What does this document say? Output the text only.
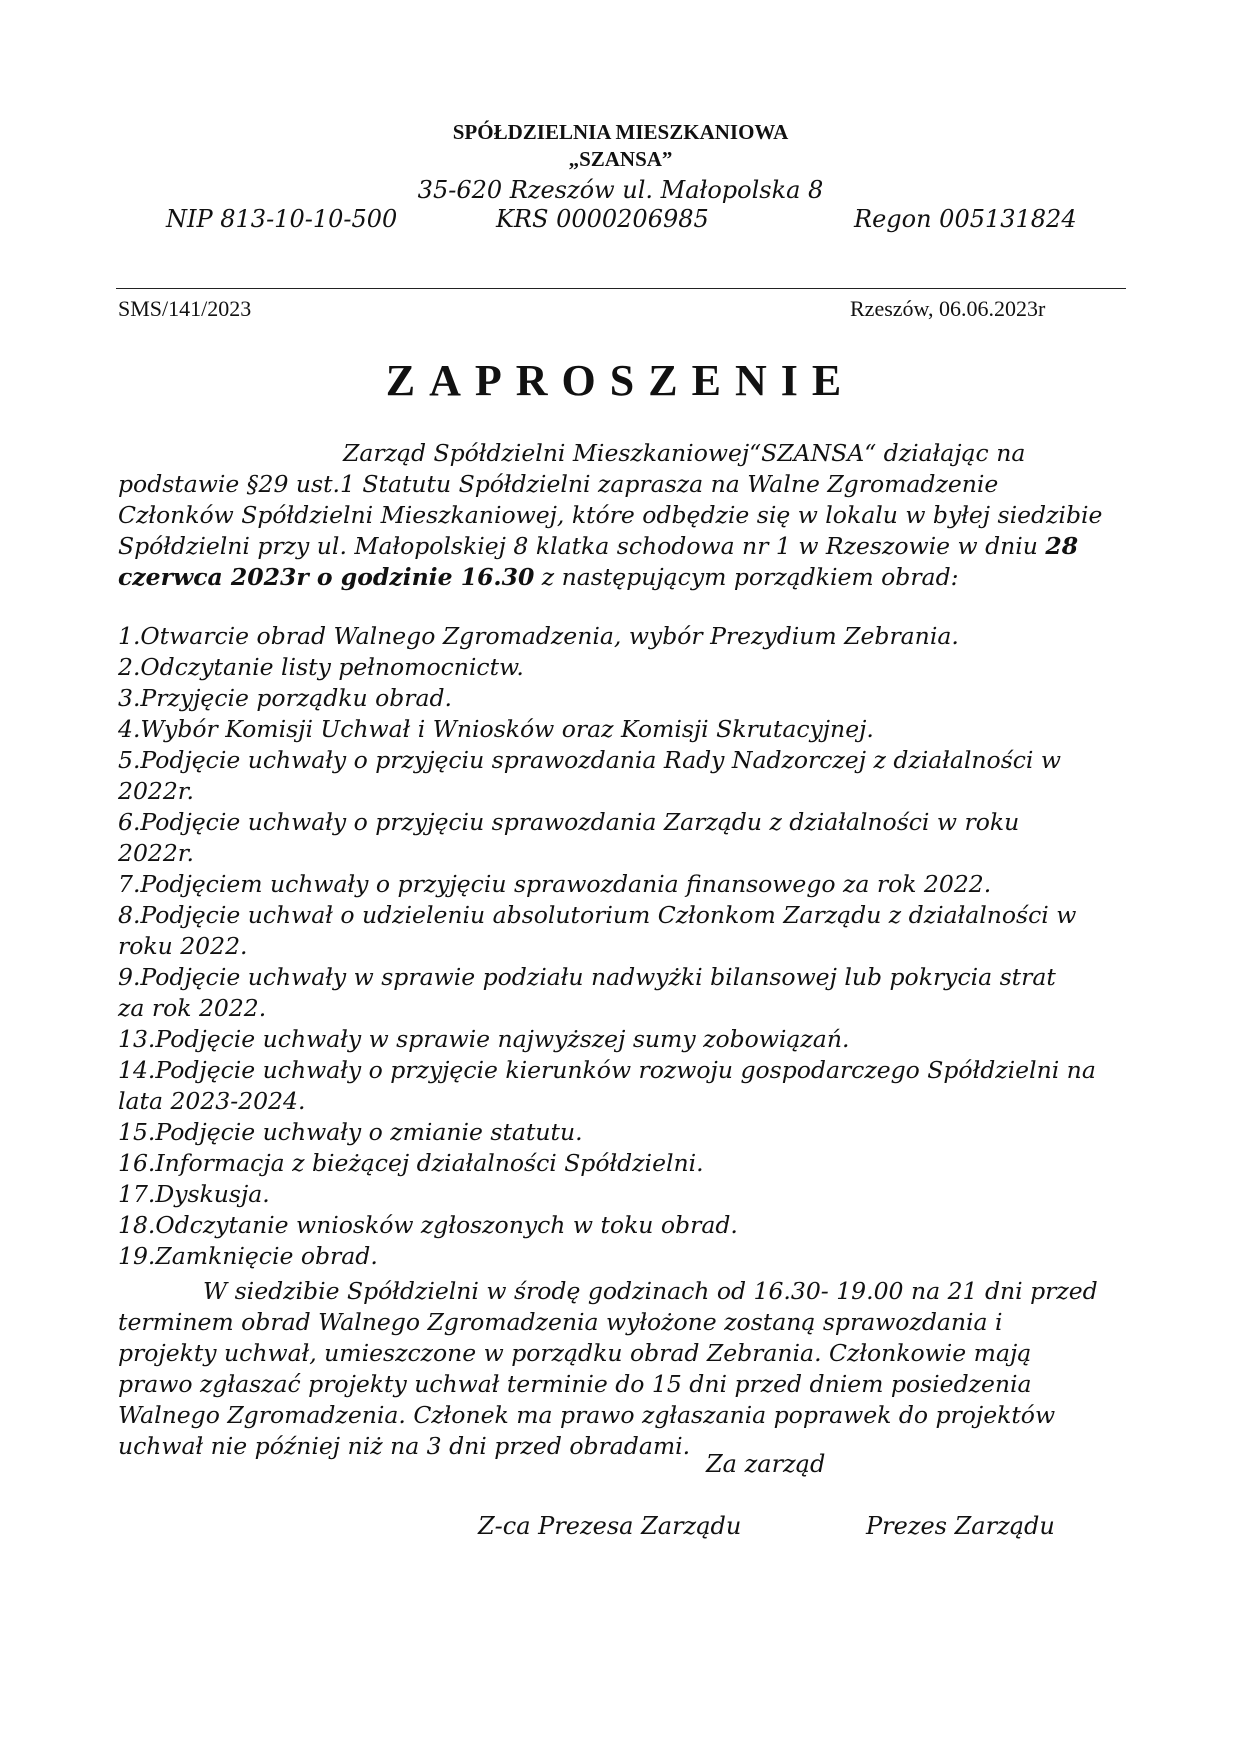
SPÓŁDZIELNIA MIESZKANIOWA
„SZANSA”
35-620 Rzeszów ul. Małopolska 8
NIP 813-10-10-500	KRS 0000206985	Regon 005131824
SMS/141/2023	Rzeszów, 06.06.2023r
ZAPROSZENIE
Zarząd Spółdzielni Mieszkaniowej“SZANSA“ działając na
podstawie §29 ust.1 Statutu Spółdzielni zaprasza na Walne Zgromadzenie
Członków Spółdzielni Mieszkaniowej, które odbędzie się w lokalu w byłej siedzibie
Spółdzielni przy ul. Małopolskiej 8 klatka schodowa nr 1 w Rzeszowie w dniu 28
czerwca 2023r o godzinie 16.30 z następującym porządkiem obrad:
1.Otwarcie obrad Walnego Zgromadzenia, wybór Prezydium Zebrania.
2.Odczytanie listy pełnomocnictw.
3.Przyjęcie porządku obrad.
4.Wybór Komisji Uchwał i Wniosków oraz Komisji Skrutacyjnej.
5.Podjęcie uchwały o przyjęciu sprawozdania Rady Nadzorczej z działalności w
2022r.
6.Podjęcie uchwały o przyjęciu sprawozdania Zarządu z działalności w roku
2022r.
7.Podjęciem uchwały o przyjęciu sprawozdania finansowego za rok 2022.
8.Podjęcie uchwał o udzieleniu absolutorium Członkom Zarządu z działalności w
roku 2022.
9.Podjęcie uchwały w sprawie podziału nadwyżki bilansowej lub pokrycia strat
za rok 2022.
13.Podjęcie uchwały w sprawie najwyższej sumy zobowiązań.
14.Podjęcie uchwały o przyjęcie kierunków rozwoju gospodarczego Spółdzielni na
lata 2023-2024.
15.Podjęcie uchwały o zmianie statutu.
16.Informacja z bieżącej działalności Spółdzielni.
17.Dyskusja.
18.Odczytanie wniosków zgłoszonych w toku obrad.
19.Zamknięcie obrad.
W siedzibie Spółdzielni w środę godzinach od 16.30- 19.00 na 21 dni przed
terminem obrad Walnego Zgromadzenia wyłożone zostaną sprawozdania i
projekty uchwał, umieszczone w porządku obrad Zebrania. Członkowie mają
prawo zgłaszać projekty uchwał terminie do 15 dni przed dniem posiedzenia
Walnego Zgromadzenia. Członek ma prawo zgłaszania poprawek do projektów
uchwał nie później niż na 3 dni przed obradami.
Za zarząd
Z-ca Prezesa Zarządu	Prezes Zarządu
